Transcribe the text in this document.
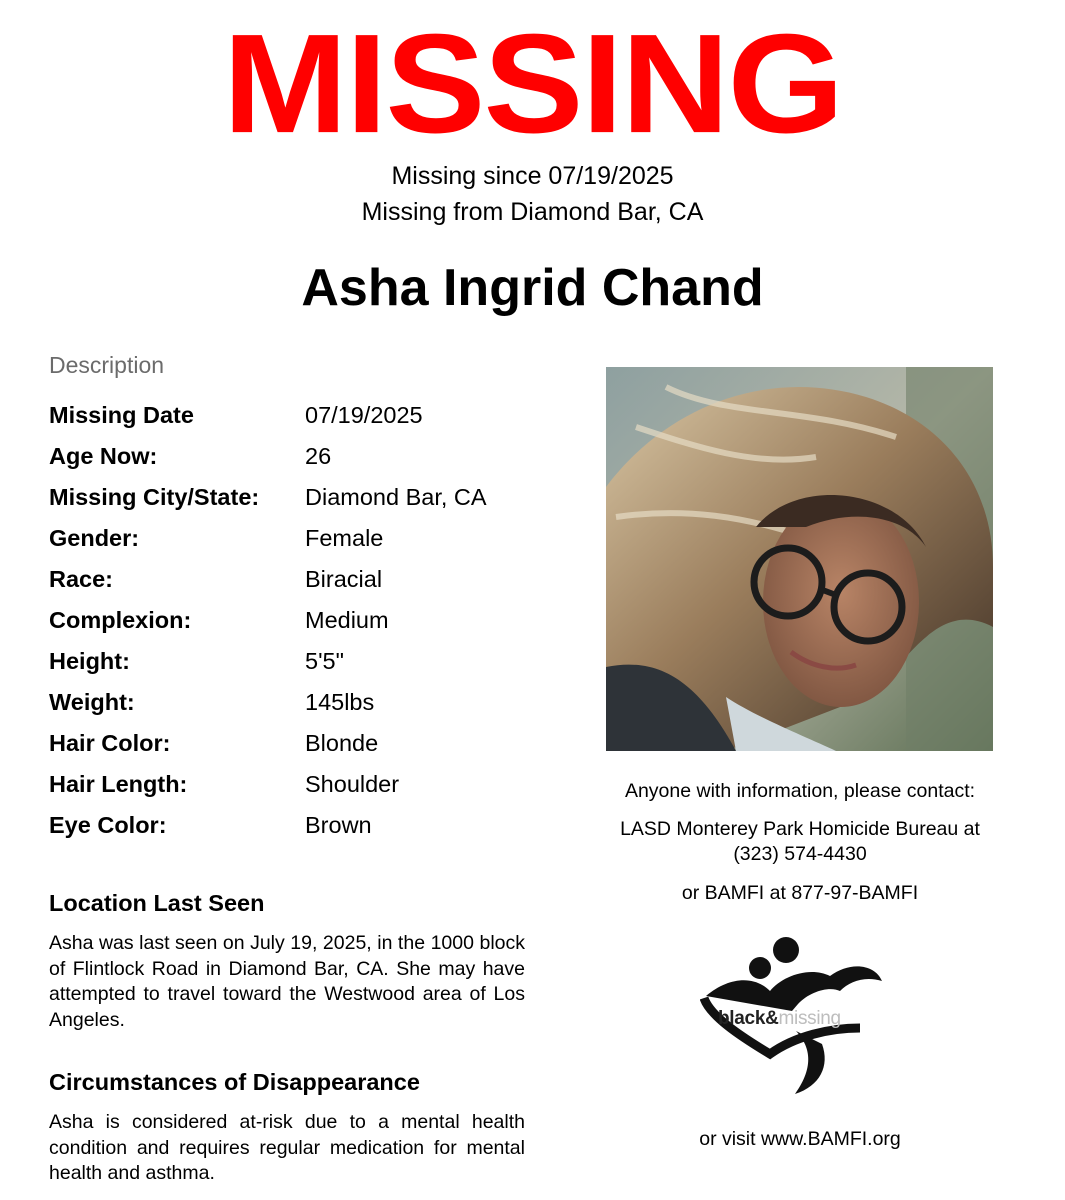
MISSING
Missing since 07/19/2025
Missing from Diamond Bar, CA
Asha Ingrid Chand
Description
Missing Date	07/19/2025
Age Now:	26
Missing City/State: Diamond Bar, CA
Gender:	Female
Race:	Biracial
Complexion:	Medium
Height:	5'5"
Weight:	145lbs
Hair Color:	Blonde
Hair Length:	Shoulder
Eye Color:	Brown
Location Last Seen
Asha was last seen on July 19, 2025, in the 1000 block of Flintlock Road in Diamond Bar, CA. She may have attempted to travel toward the Westwood area of Los Angeles.
Circumstances of Disappearance
Asha is considered at-risk due to a mental health condition and requires regular medication for mental health and asthma.
Anyone with information, please contact:
LASD Monterey Park Homicide Bureau at
(323) 574-4430
or BAMFI at 877-97-BAMFI
black&missing
or visit www.BAMFI.org
